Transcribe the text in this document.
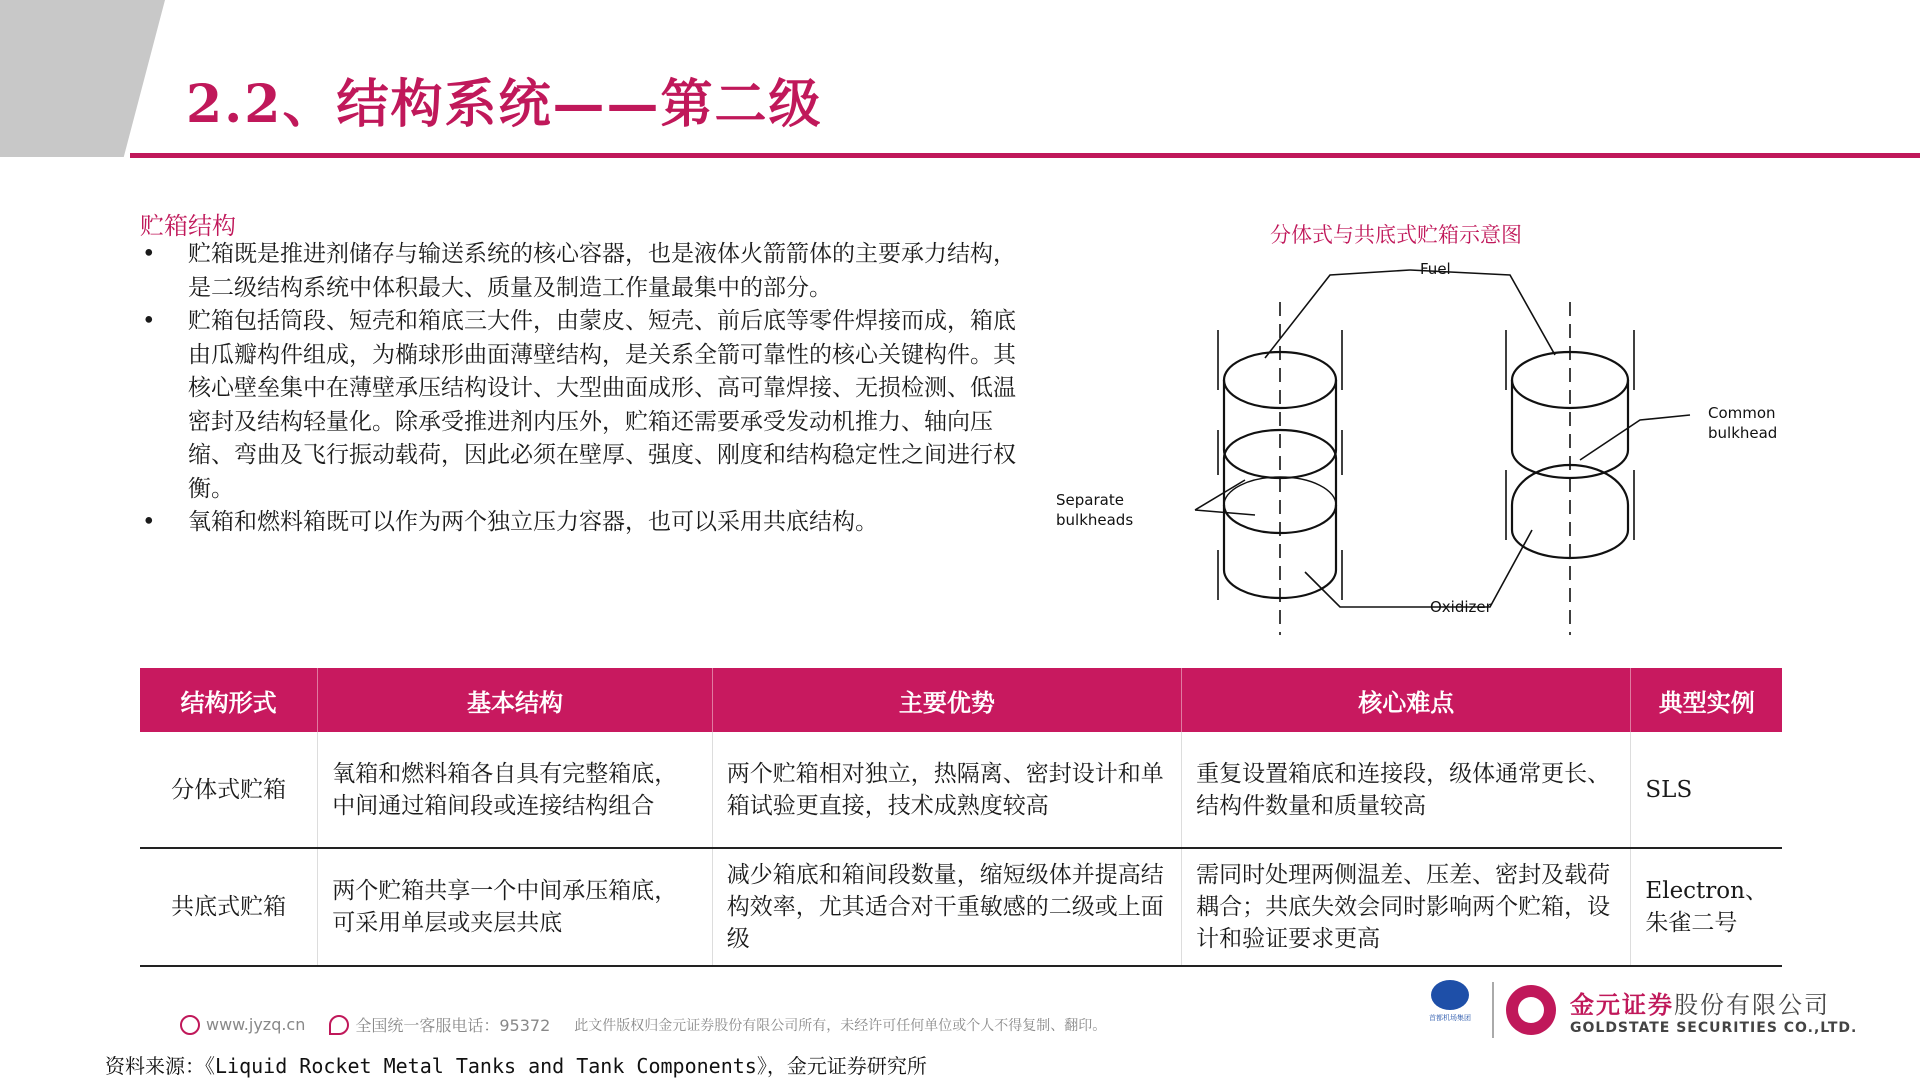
2.2、结构系统——第二级
贮箱结构
• 贮箱既是推进剂储存与输送系统的核心容器，也是液体火箭箭体的主要承力结构，是二级结构系统中体积最大、质量及制造工作量最集中的部分。
• 贮箱包括筒段、短壳和箱底三大件，由蒙皮、短壳、前后底等零件焊接而成，箱底由瓜瓣构件组成，为椭球形曲面薄壁结构，是关系全箭可靠性的核心关键构件。其核心壁垒集中在薄壁承压结构设计、大型曲面成形、高可靠焊接、无损检测、低温密封及结构轻量化。除承受推进剂内压外，贮箱还需要承受发动机推力、轴向压缩、弯曲及飞行振动载荷，因此必须在壁厚、强度、刚度和结构稳定性之间进行权衡。
• 氧箱和燃料箱既可以作为两个独立压力容器，也可以采用共底结构。
分体式与共底式贮箱示意图
Fuel
Common
bulkhead
Separate
bulkheads
Oxidizer
结构形式	基本结构	主要优势	核心难点	典型实例
分体式贮箱	氧箱和燃料箱各自具有完整箱底，中间通过箱间段或连接结构组合	两个贮箱相对独立，热隔离、密封设计和单箱试验更直接，技术成熟度较高	重复设置箱底和连接段，级体通常更长、结构件数量和质量较高	SLS
共底式贮箱	两个贮箱共享一个中间承压箱底，可采用单层或夹层共底	减少箱底和箱间段数量，缩短级体并提高结构效率，尤其适合对干重敏感的二级或上面级	需同时处理两侧温差、压差、密封及载荷耦合；共底失效会同时影响两个贮箱，设计和验证要求更高	Electron、朱雀二号
www.jyzq.cn	全国统一客服电话：95372 此文件版权归金元证券股份有限公司所有，未经许可任何单位或个人不得复制、翻印。	首都机场集团	金元证券股份有限公司
GOLDSTATE SECURITIES CO.,LTD.
资料来源：《Liquid Rocket Metal Tanks and Tank Components》，金元证券研究所
